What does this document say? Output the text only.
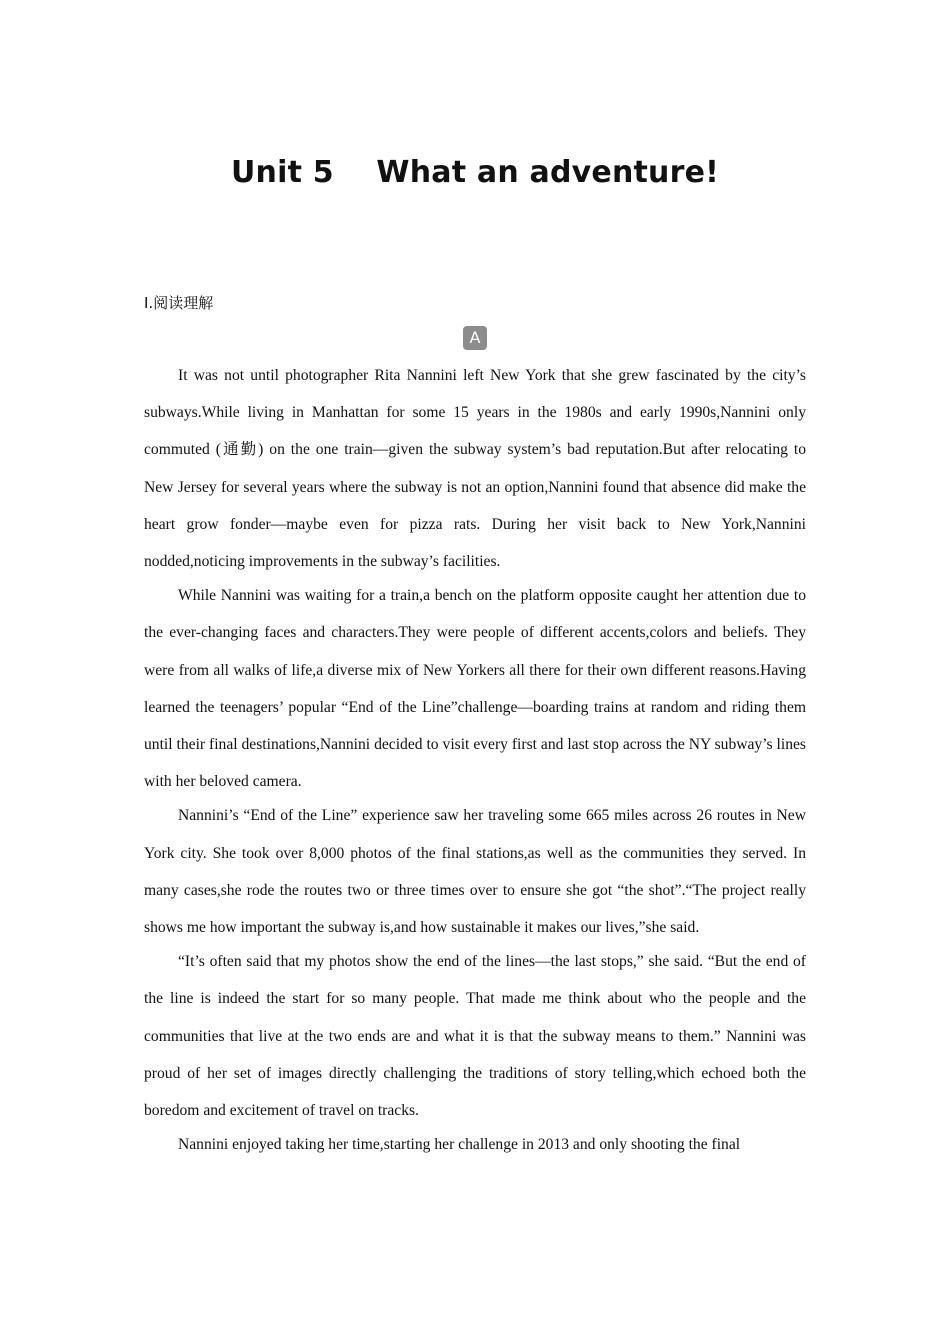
Unit 5    What an adventure!
Ⅰ.阅读理解
A

It was not until photographer Rita Nannini left New York that she grew fascinated by the city’s subways.While living in Manhattan for some 15 years in the 1980s and early 1990s,Nannini only commuted (通勤) on the one train—given the subway system’s bad reputation.But after relocating to New Jersey for several years where the subway is not an option,Nannini found that absence did make the heart grow fonder—maybe even for pizza rats. During her visit back to New York,Nannini nodded,noticing improvements in the subway’s facilities.

While Nannini was waiting for a train,a bench on the platform opposite caught her attention due to the ever-changing faces and characters.They were people of different accents,colors and beliefs. They were from all walks of life,a diverse mix of New Yorkers all there for their own different reasons.Having learned the teenagers’ popular “End of the Line”challenge—boarding trains at random and riding them until their final destinations,Nannini decided to visit every first and last stop across the NY subway’s lines with her beloved camera.

Nannini’s “End of the Line” experience saw her traveling some 665 miles across 26 routes in New York city. She took over 8,000 photos of the final stations,as well as the communities they served. In many cases,she rode the routes two or three times over to ensure she got “the shot”.“The project really shows me how important the subway is,and how sustainable it makes our lives,”she said.

“It’s often said that my photos show the end of the lines—the last stops,” she said. “But the end of the line is indeed the start for so many people. That made me think about who the people and the communities that live at the two ends are and what it is that the subway means to them.” Nannini was proud of her set of images directly challenging the traditions of story telling,which echoed both the boredom and excitement of travel on tracks.

Nannini enjoyed taking her time,starting her challenge in 2013 and only shooting the final
